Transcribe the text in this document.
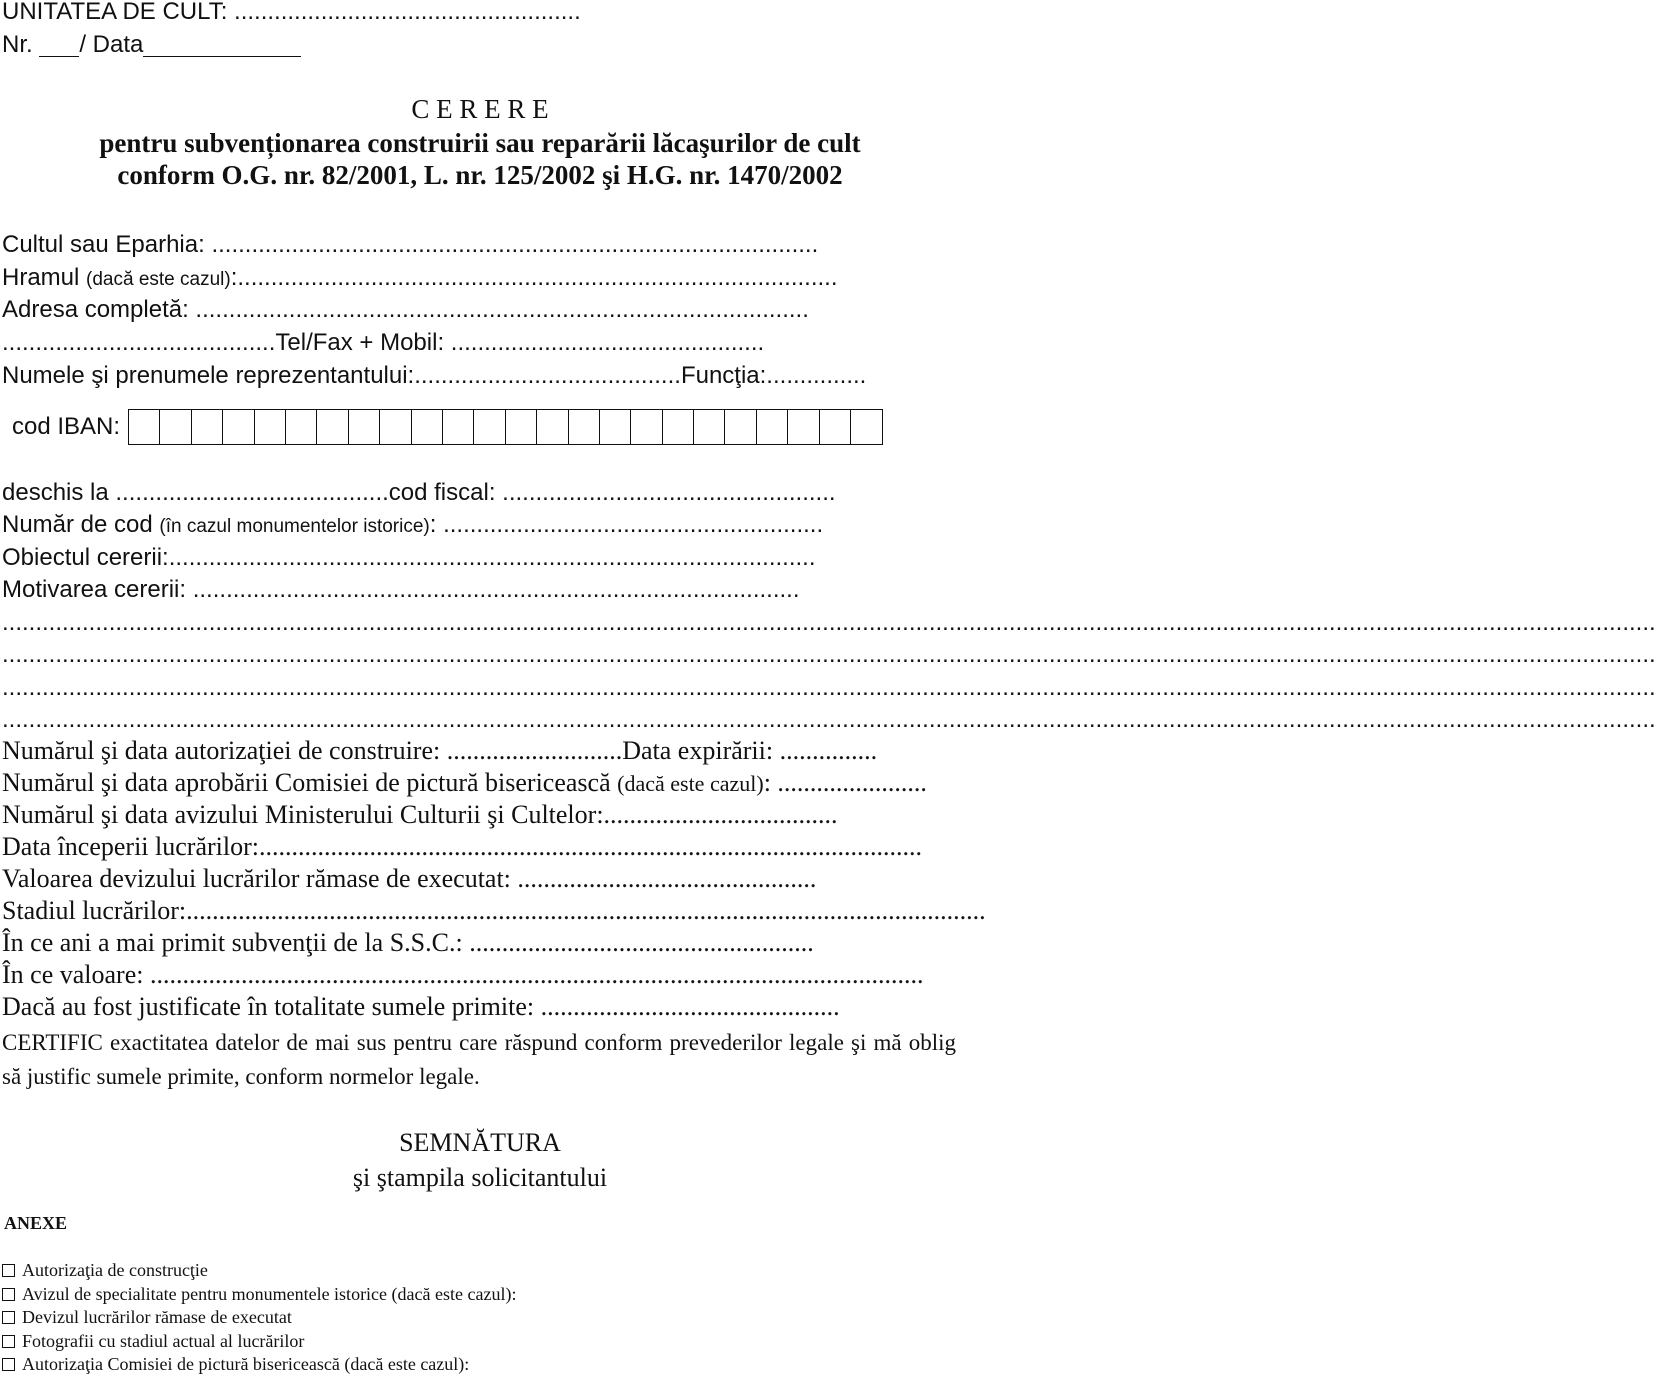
UNITATEA DE CULT: ....................................................
Nr. / Data
C E R E R E
pentru subvenționarea construirii sau reparării lăcaşurilor de cult
conform O.G. nr. 82/2001, L. nr. 125/2002 şi H.G. nr. 1470/2002
Cultul sau Eparhia: ...........................................................................................
Hramul (dacă este cazul):..........................................................................................
Adresa completă: ............................................................................................
.........................................Tel/Fax + Mobil: ...............................................
Numele şi prenumele reprezentantului:........................................Funcţia:...............
cod IBAN:
deschis la .........................................cod fiscal: ..................................................
Număr de cod (în cazul monumentelor istorice): .........................................................
Obiectul cererii:.................................................................................................
Motivarea cererii: ...........................................................................................
........................................................................................................................................................................................................................................................
........................................................................................................................................................................................................................................................
........................................................................................................................................................................................................................................................
........................................................................................................................................................................................................................................................
Numărul şi data autorizaţiei de construire: ...........................Data expirării: ...............
Numărul şi data aprobării Comisiei de pictură bisericească (dacă este cazul): .......................
Numărul şi data avizului Ministerului Culturii şi Cultelor:....................................
Data începerii lucrărilor:......................................................................................................
Valoarea devizului lucrărilor rămase de executat: ..............................................
Stadiul lucrărilor:...........................................................................................................................
În ce ani a mai primit subvenţii de la S.S.C.: .....................................................
În ce valoare: .......................................................................................................................
Dacă au fost justificate în totalitate sumele primite: ..............................................
CERTIFIC exactitatea datelor de mai sus pentru care răspund conform prevederilor legale şi mă oblig să justific sumele primite, conform normelor legale.
SEMNĂTURA
şi ştampila solicitantului
ANEXE
Autorizaţia de construcţie
Avizul de specialitate pentru monumentele istorice (dacă este cazul):
Devizul lucrărilor rămase de executat
Fotografii cu stadiul actual al lucrărilor
Autorizaţia Comisiei de pictură bisericească (dacă este cazul):
